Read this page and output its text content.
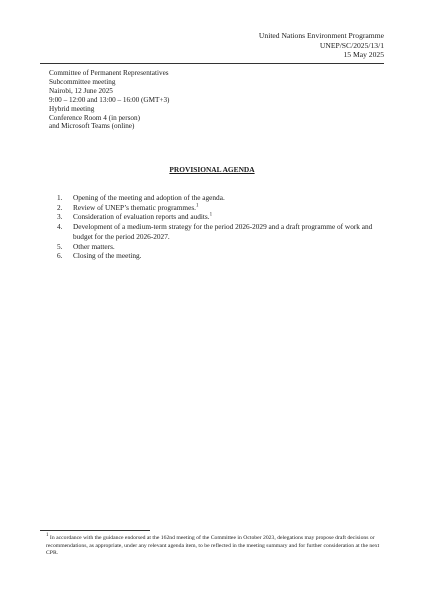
United Nations Environment Programme
UNEP/SC/2025/13/1
15 May 2025
Committee of Permanent Representatives
Subcommittee meeting
Nairobi, 12 June 2025
9:00 – 12:00 and 13:00 – 16:00 (GMT+3)
Hybrid meeting
Conference Room 4 (in person)
and Microsoft Teams (online)
PROVISIONAL AGENDA
1.	Opening of the meeting and adoption of the agenda.
2.	Review of UNEP’s thematic programmes.$^1$
3.	Consideration of evaluation reports and audits.$^1$
4.	Development of a medium-term strategy for the period 2026-2029 and a draft programme of work and budget for the period 2026-2027.
5.	Other matters.
6.	Closing of the meeting.
$^1$ In accordance with the guidance endorsed at the 162nd meeting of the Committee in October 2023, delegations may propose draft decisions or recommendations, as appropriate, under any relevant agenda item, to be reflected in the meeting summary and for further consideration at the next CPR.
